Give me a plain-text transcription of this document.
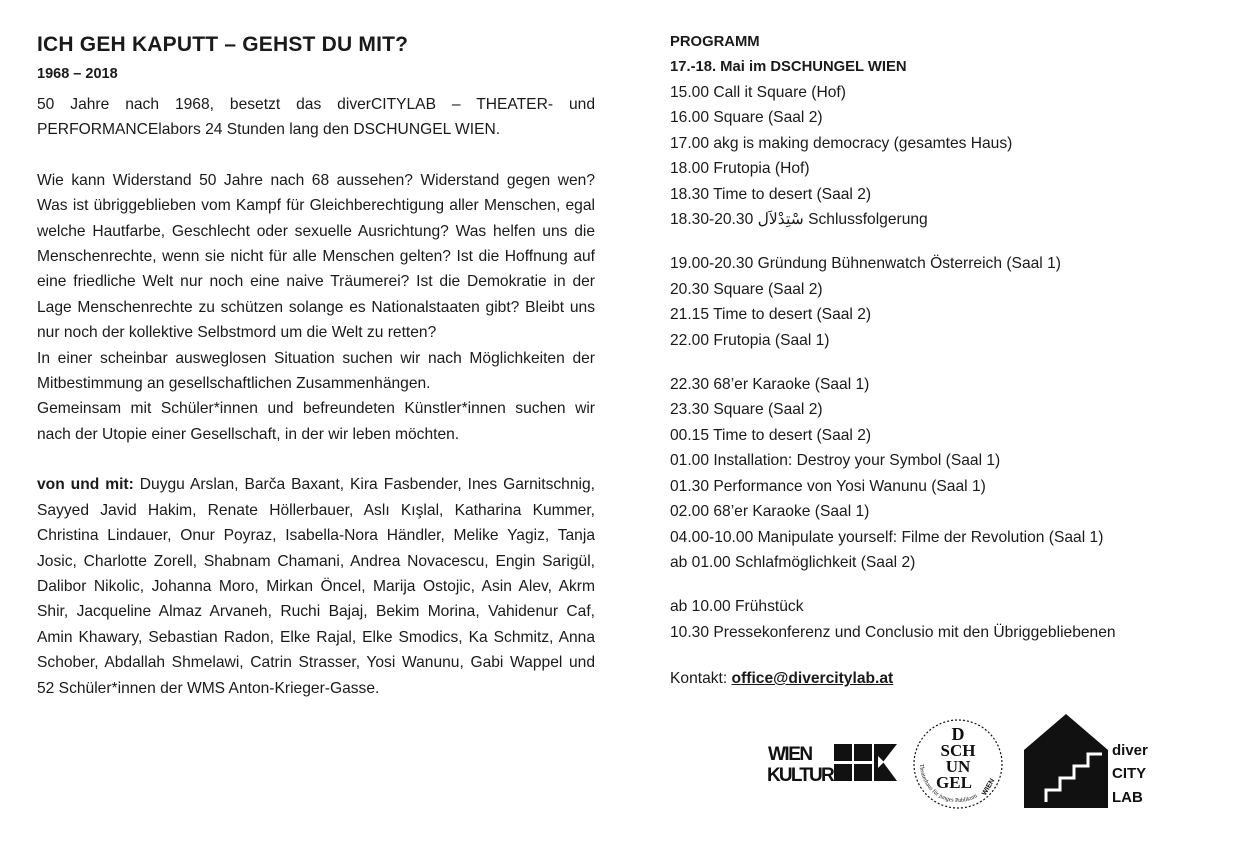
ICH GEH KAPUTT – GEHST DU MIT?
1968 – 2018

50 Jahre nach 1968, besetzt das diverCITYLAB – THEATER- und PERFORMANCElabors 24 Stunden lang den DSCHUNGEL WIEN.

Wie kann Widerstand 50 Jahre nach 68 aussehen? Widerstand gegen wen? Was ist übriggeblieben vom Kampf für Gleichberechtigung aller Menschen, egal welche Hautfarbe, Geschlecht oder sexuelle Ausrichtung? Was helfen uns die Menschenrechte, wenn sie nicht für alle Menschen gelten? Ist die Hoffnung auf eine friedliche Welt nur noch eine naive Träumerei? Ist die Demokratie in der Lage Menschenrechte zu schützen solange es Nationalstaaten gibt? Bleibt uns nur noch der kollektive Selbstmord um die Welt zu retten?

In einer scheinbar ausweglosen Situation suchen wir nach Möglichkeiten der Mitbestimmung an gesellschaftlichen Zusammenhängen.

Gemeinsam mit Schüler*innen und befreundeten Künstler*innen suchen wir nach der Utopie einer Gesellschaft, in der wir leben möchten.

von und mit: Duygu Arslan, Barča Baxant, Kira Fasbender, Ines Garnitschnig, Sayyed Javid Hakim, Renate Höllerbauer, Aslı Kışlal, Katharina Kummer, Christina Lindauer, Onur Poyraz, Isabella-Nora Händler, Melike Yagiz, Tanja Josic, Charlotte Zorell, Shabnam Chamani, Andrea Novacescu, Engin Sarigül, Dalibor Nikolic, Johanna Moro, Mirkan Öncel, Marija Ostojic, Asin Alev, Akrm Shir, Jacqueline Almaz Arvaneh, Ruchi Bajaj, Bekim Morina, Vahidenur Caf, Amin Khawary, Sebastian Radon, Elke Rajal, Elke Smodics, Ka Schmitz, Anna Schober, Abdallah Shmelawi, Catrin Strasser, Yosi Wanunu, Gabi Wappel und 52 Schüler*innen der WMS Anton-Krieger-Gasse.

PROGRAMM
17.-18. Mai im DSCHUNGEL WIEN
15.00 Call it Square (Hof)
16.00 Square (Saal 2)
17.00 akg is making democracy (gesamtes Haus)
18.00 Frutopia (Hof)
18.30 Time to desert (Saal 2)
18.30-20.30 سْتِدْلاَل Schlussfolgerung
19.00-20.30 Gründung Bühnenwatch Österreich (Saal 1)
20.30 Square (Saal 2)
21.15 Time to desert (Saal 2)
22.00 Frutopia (Saal 1)
22.30 68’er Karaoke (Saal 1)
23.30 Square (Saal 2)
00.15 Time to desert (Saal 2)
01.00 Installation: Destroy your Symbol (Saal 1)
01.30 Performance von Yosi Wanunu (Saal 1)
02.00 68’er Karaoke (Saal 1)
04.00-10.00 Manipulate yourself: Filme der Revolution (Saal 1)
ab 01.00 Schlafmöglichkeit (Saal 2)
ab 10.00 Frühstück
10.30 Pressekonferenz und Conclusio mit den Übriggebliebenen
Kontakt: office@divercitylab.at
WIEN
KULTUR	Theaterhaus für junges Publikum
D
SCH
UN
GEL WIEN
diver
CITY
LAB
